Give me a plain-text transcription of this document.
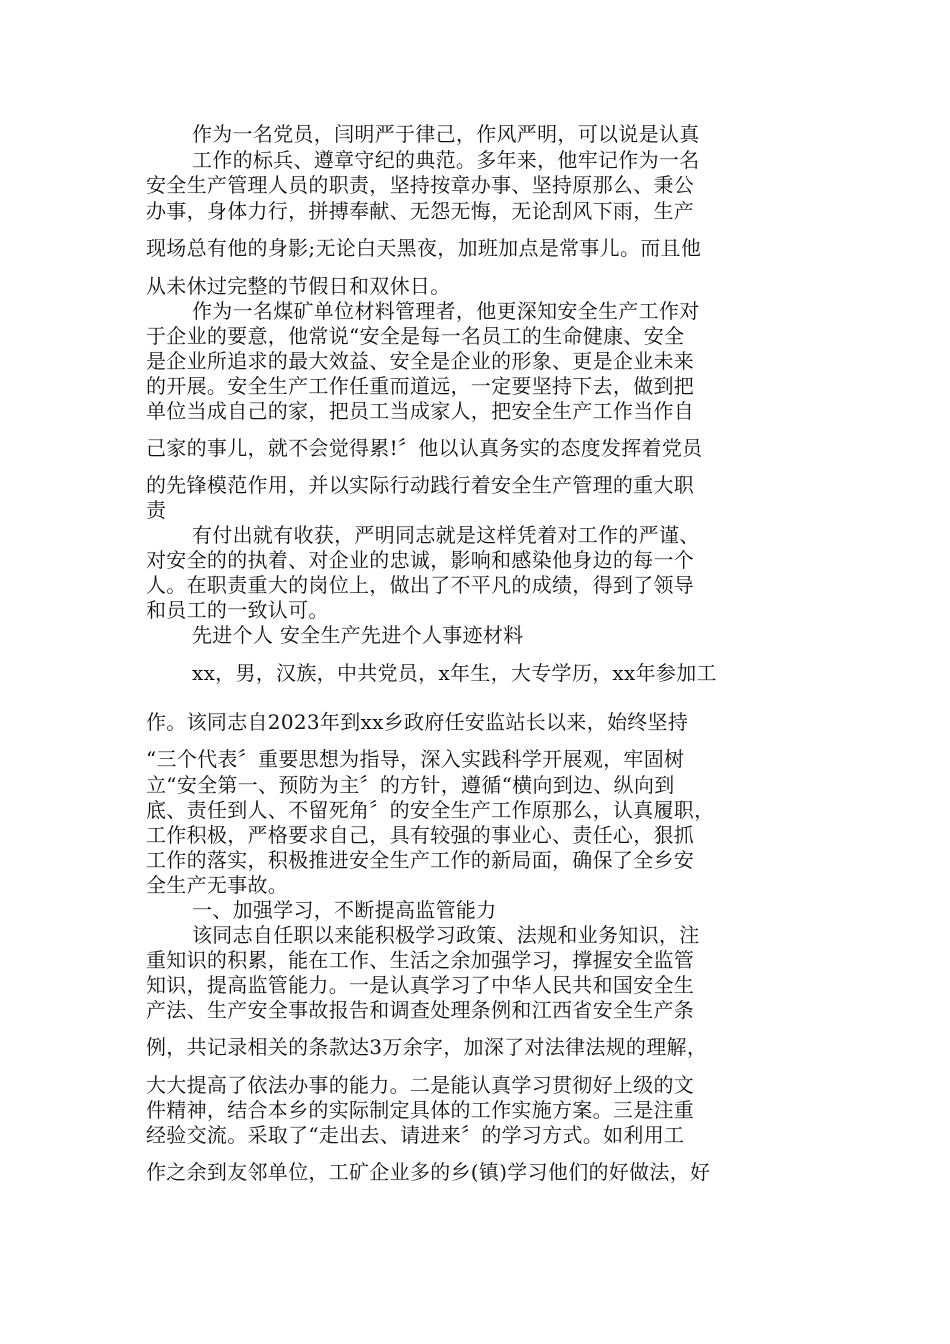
作为一名党员，闫明严于律己，作风严明，可以说是认真
工作的标兵、遵章守纪的典范。多年来，他牢记作为一名
安全生产管理人员的职责，坚持按章办事、坚持原那么、秉公
办事，身体力行，拼搏奉献、无怨无悔，无论刮风下雨，生产
现场总有他的身影;无论白天黑夜，加班加点是常事儿。而且他
从未休过完整的节假日和双休日。
作为一名煤矿单位材料管理者，他更深知安全生产工作对
于企业的要意，他常说“安全是每一名员工的生命健康、安全
是企业所追求的最大效益、安全是企业的形象、更是企业未来
的开展。安全生产工作任重而道远，一定要坚持下去，做到把
单位当成自己的家，把员工当成家人，把安全生产工作当作自
己家的事儿，就不会觉得累!〞他以认真务实的态度发挥着党员
的先锋模范作用，并以实际行动践行着安全生产管理的重大职
责
有付出就有收获，严明同志就是这样凭着对工作的严谨、
对安全的的执着、对企业的忠诚，影响和感染他身边的每一个
人。在职责重大的岗位上，做出了不平凡的成绩，得到了领导
和员工的一致认可。
先进个人 安全生产先进个人事迹材料
xx，男，汉族，中共党员，x年生，大专学历，xx年参加工
作。该同志自2023年到xx乡政府任安监站长以来，始终坚持
“三个代表〞重要思想为指导，深入实践科学开展观，牢固树
立“安全第一、预防为主〞的方针，遵循“横向到边、纵向到
底、责任到人、不留死角〞的安全生产工作原那么，认真履职，
工作积极，严格要求自己，具有较强的事业心、责任心，狠抓
工作的落实，积极推进安全生产工作的新局面，确保了全乡安
全生产无事故。
一、加强学习，不断提高监管能力
该同志自任职以来能积极学习政策、法规和业务知识，注
重知识的积累，能在工作、生活之余加强学习，撑握安全监管
知识，提高监管能力。一是认真学习了中华人民共和国安全生
产法、生产安全事故报告和调查处理条例和江西省安全生产条
例，共记录相关的条款达3万余字，加深了对法律法规的理解，
大大提高了依法办事的能力。二是能认真学习贯彻好上级的文
件精神，结合本乡的实际制定具体的工作实施方案。三是注重
经验交流。采取了“走出去、请进来〞的学习方式。如利用工
作之余到友邻单位，工矿企业多的乡(镇)学习他们的好做法，好
